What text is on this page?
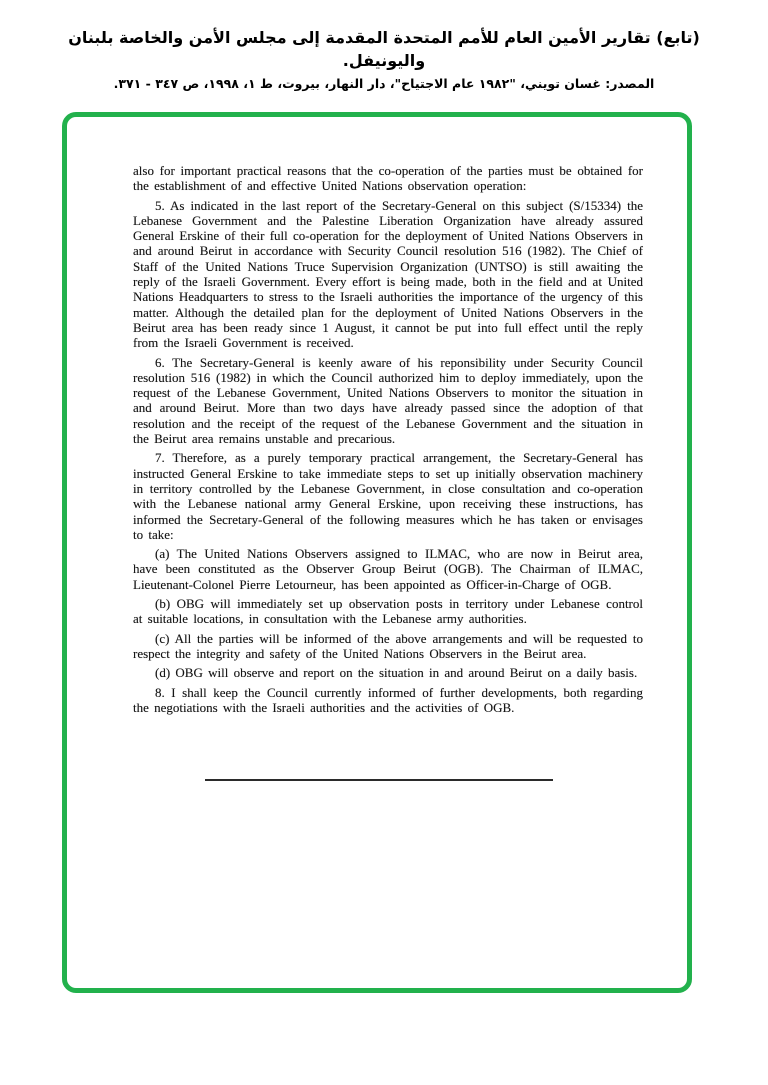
(تابع) تقارير الأمين العام للأمم المتحدة المقدمة إلى مجلس الأمن والخاصة بلبنان واليونيفل.
المصدر: غسان تويني، "١٩٨٢ عام الاجتياح"، دار النهار، بيروت، ط ١، ١٩٩٨، ص ٣٤٧ - ٣٧١.

also for important practical reasons that the co-operation of the parties must be obtained for the establishment of and effective United Nations observation operation:

5. As indicated in the last report of the Secretary-General on this subject (S/15334) the Lebanese Government and the Palestine Liberation Organization have already assured General Erskine of their full co-operation for the deployment of United Nations Observers in and around Beirut in accordance with Security Council resolution 516 (1982). The Chief of Staff of the United Nations Truce Supervision Organization (UNTSO) is still awaiting the reply of the Israeli Government. Every effort is being made, both in the field and at United Nations Headquarters to stress to the Israeli authorities the importance of the urgency of this matter. Although the detailed plan for the deployment of United Nations Observers in the Beirut area has been ready since 1 August, it cannot be put into full effect until the reply from the Israeli Government is received.

6. The Secretary-General is keenly aware of his reponsibility under Security Council resolution 516 (1982) in which the Council authorized him to deploy immediately, upon the request of the Lebanese Government, United Nations Observers to monitor the situation in and around Beirut. More than two days have already passed since the adoption of that resolution and the receipt of the request of the Lebanese Government and the situation in the Beirut area remains unstable and precarious.

7. Therefore, as a purely temporary practical arrangement, the Secretary-General has instructed General Erskine to take immediate steps to set up initially observation machinery in territory controlled by the Lebanese Government, in close consultation and co-operation with the Lebanese national army General Erskine, upon receiving these instructions, has informed the Secretary-General of the following measures which he has taken or envisages to take:

(a) The United Nations Observers assigned to ILMAC, who are now in Beirut area, have been constituted as the Observer Group Beirut (OGB). The Chairman of ILMAC, Lieutenant-Colonel Pierre Letourneur, has been appointed as Officer-in-Charge of OGB.

(b) OBG will immediately set up observation posts in territory under Lebanese control at suitable locations, in consultation with the Lebanese army authorities.

(c) All the parties will be informed of the above arrangements and will be requested to respect the integrity and safety of the United Nations Observers in the Beirut area.

(d) OBG will observe and report on the situation in and around Beirut on a daily basis.

8. I shall keep the Council currently informed of further developments, both regarding the negotiations with the Israeli authorities and the activities of OGB.
